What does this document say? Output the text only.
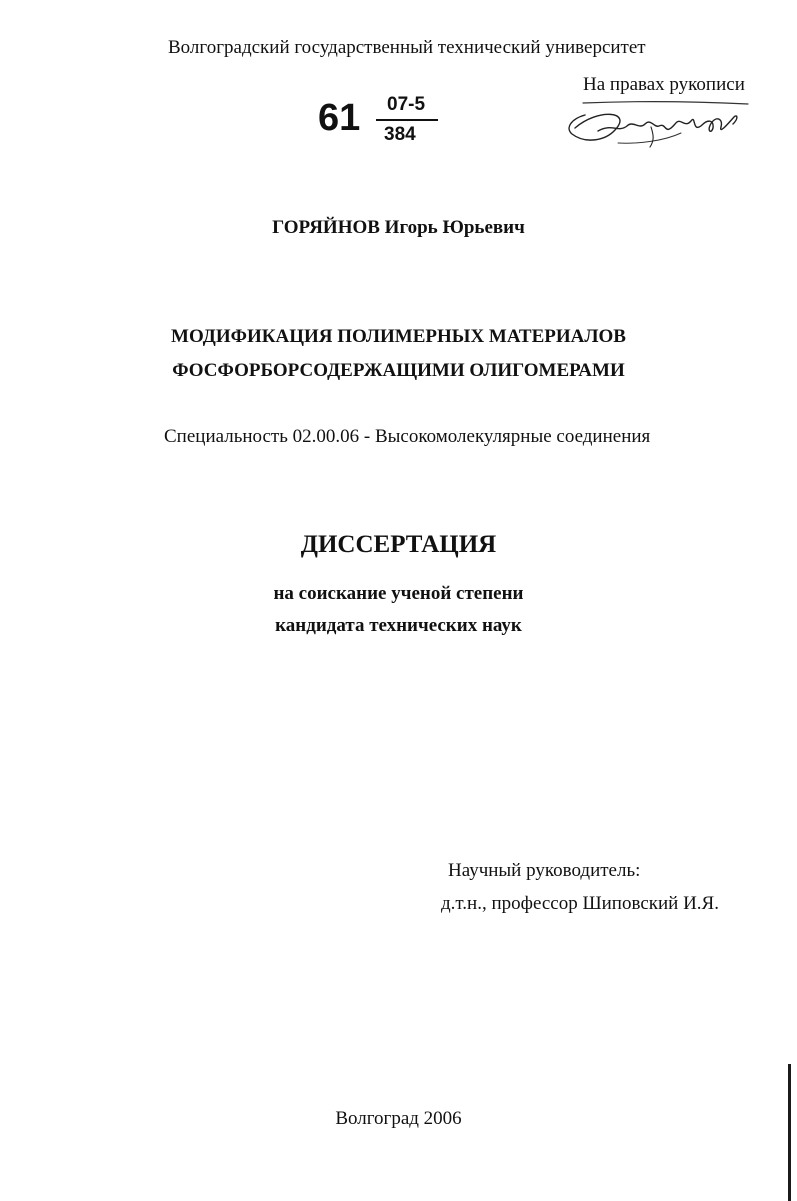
Волгоградский государственный технический университет
На правах рукописи
61 07-5
384
ГОРЯЙНОВ Игорь Юрьевич
МОДИФИКАЦИЯ ПОЛИМЕРНЫХ МАТЕРИАЛОВ
ФОСФОРБОРСОДЕРЖАЩИМИ ОЛИГОМЕРАМИ
Специальность 02.00.06 - Высокомолекулярные соединения
ДИССЕРТАЦИЯ
на соискание ученой степени
кандидата технических наук
Научный руководитель:
д.т.н., профессор Шиповский И.Я.
Волгоград 2006
